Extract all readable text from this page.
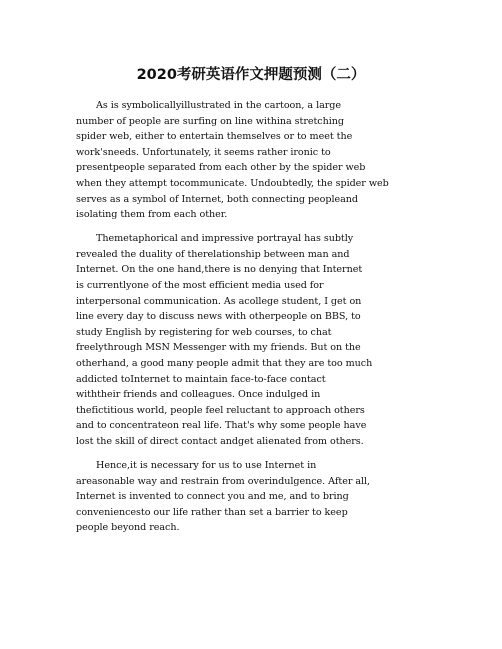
2020考研英语作文押题预测（二）
As is symbolicallyillustrated in the cartoon, a large
number of people are surfing on line withina stretching
spider web, either to entertain themselves or to meet the
work'sneeds. Unfortunately, it seems rather ironic to
presentpeople separated from each other by the spider web
when they attempt tocommunicate. Undoubtedly, the spider web
serves as a symbol of Internet, both connecting peopleand
isolating them from each other.
Themetaphorical and impressive portrayal has subtly
revealed the duality of therelationship between man and
Internet. On the one hand,there is no denying that Internet
is currentlyone of the most efficient media used for
interpersonal communication. As acollege student, I get on
line every day to discuss news with otherpeople on BBS, to
study English by registering for web courses, to chat
freelythrough MSN Messenger with my friends. But on the
otherhand, a good many people admit that they are too much
addicted toInternet to maintain face-to-face contact
withtheir friends and colleagues. Once indulged in
thefictitious world, people feel reluctant to approach others
and to concentrateon real life. That's why some people have
lost the skill of direct contact andget alienated from others.
Hence,it is necessary for us to use Internet in
areasonable way and restrain from overindulgence. After all,
Internet is invented to connect you and me, and to bring
conveniencesto our life rather than set a barrier to keep
people beyond reach.
